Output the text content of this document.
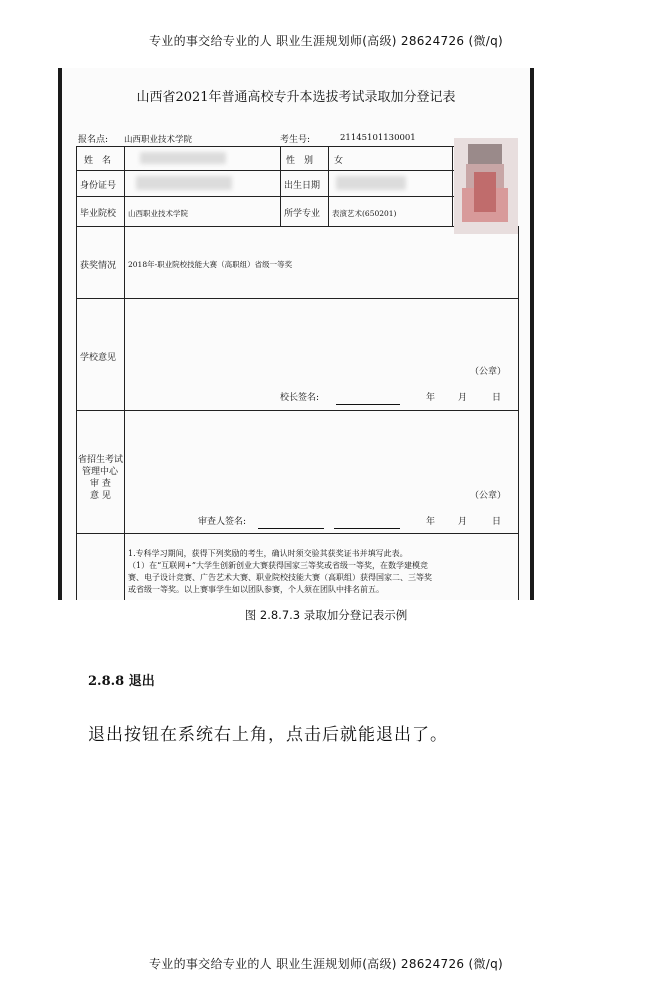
专业的事交给专业的人 职业生涯规划师(高级) 28624726 (微/q)
山西省2021年普通高校专升本选拔考试录取加分登记表
报名点: 山西职业技术学院	考生号:	21145101130001
姓　名	性　别 女
身份证号	出生日期
毕业院校 山西职业技术学院	所学专业 表演艺术(650201)
获奖情况 2018年-职业院校技能大赛（高职组）省级一等奖
学校意见
（公章）
校长签名:	年	月	日
省招生考试
管理中心
审 查
意 见	（公章）
审查人签名:	年	月	日
1.专科学习期间，获得下列奖励的考生，确认时须交验其获奖证书并填写此表。
（1）在“互联网+”大学生创新创业大赛获得国家三等奖或省级一等奖，在数学建模竞
赛、电子设计竞赛、广告艺术大赛、职业院校技能大赛（高职组）获得国家二、三等奖
或省级一等奖。以上赛事学生如以团队参赛，个人须在团队中排名前五。
图 2.8.7.3 录取加分登记表示例
2.8.8 退出
退出按钮在系统右上角，点击后就能退出了。
专业的事交给专业的人 职业生涯规划师(高级) 28624726 (微/q)
